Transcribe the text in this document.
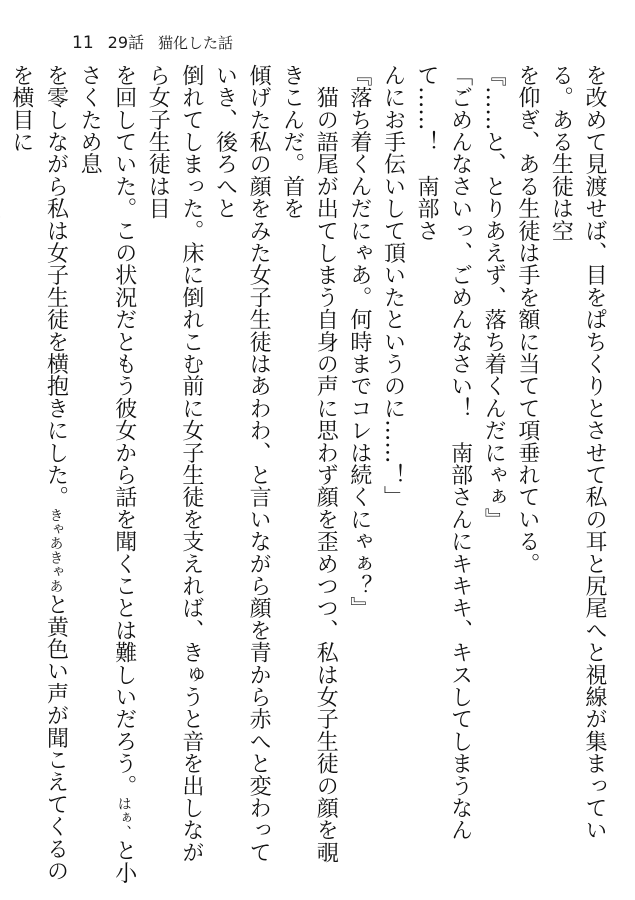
11 29話 猫化した話

を改めて見渡せば、目をぱちくりとさせて私の耳と尻尾へと視線が集まっている。ある生徒は空

を仰ぎ、ある生徒は手を額に当てて項垂れている。

『……と、とりあえず、落ち着くんだにゃぁ』

「ごめんなさいっ、ごめんなさい！　南部さんにキキキ、キスしてしまうなんて……！　南部さ

んにお手伝いして頂いたというのに……！」

『落ち着くんだにゃあ。何時までコレは続くにゃぁ？』

　猫の語尾が出てしまう自身の声に思わず顔を歪めつつ、私は女子生徒の顔を覗きこんだ。首を

傾げた私の顔をみた女子生徒はあわわ、と言いながら顔を青から赤へと変わっていき、後ろへと

倒れてしまった。床に倒れこむ前に女子生徒を支えれば、きゅうと音を出しながら女子生徒は目

を回していた。この状況だともう彼女から話を聞くことは難しいだろう。はぁ、と小さくため息

を零しながら私は女子生徒を横抱きにした。きゃあきゃあと黄色い声が聞こえてくるのを横目に
